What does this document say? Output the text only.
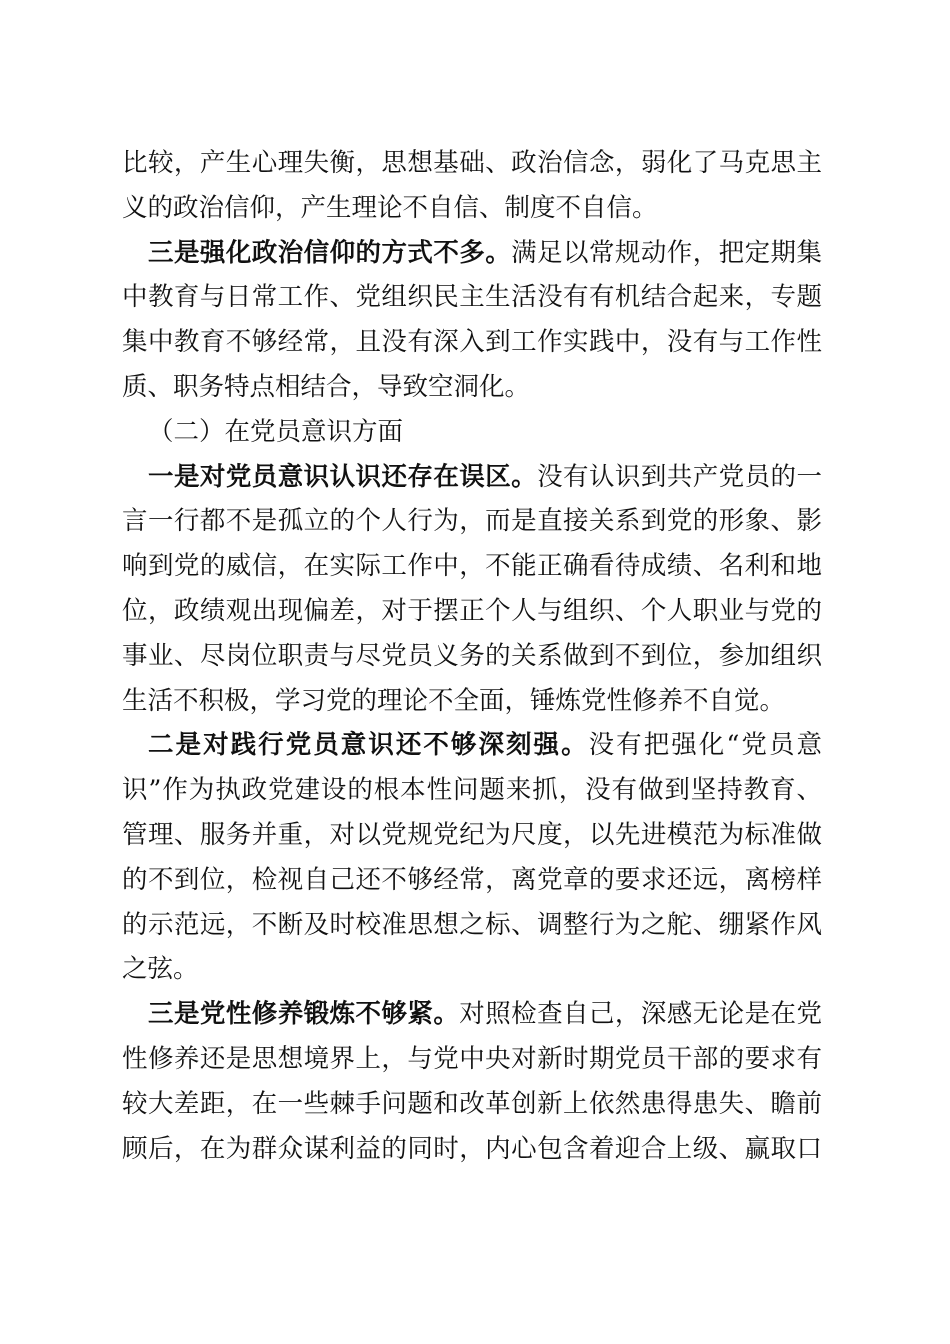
比较，产生心理失衡，思想基础、政治信念，弱化了马克思主
义的政治信仰，产生理论不自信、制度不自信。
三是强化政治信仰的方式不多。满足以常规动作，把定期集
中教育与日常工作、党组织民主生活没有有机结合起来，专题
集中教育不够经常，且没有深入到工作实践中，没有与工作性
质、职务特点相结合，导致空洞化。
（二）在党员意识方面
一是对党员意识认识还存在误区。没有认识到共产党员的一
言一行都不是孤立的个人行为，而是直接关系到党的形象、影
响到党的威信，在实际工作中，不能正确看待成绩、名利和地
位，政绩观出现偏差，对于摆正个人与组织、个人职业与党的
事业、尽岗位职责与尽党员义务的关系做到不到位，参加组织
生活不积极，学习党的理论不全面，锤炼党性修养不自觉。
二是对践行党员意识还不够深刻强。没有把强化“党员意
识”作为执政党建设的根本性问题来抓，没有做到坚持教育、
管理、服务并重，对以党规党纪为尺度，以先进模范为标准做
的不到位，检视自己还不够经常，离党章的要求还远，离榜样
的示范远，不断及时校准思想之标、调整行为之舵、绷紧作风
之弦。
三是党性修养锻炼不够紧。对照检查自己，深感无论是在党
性修养还是思想境界上，与党中央对新时期党员干部的要求有
较大差距，在一些棘手问题和改革创新上依然患得患失、瞻前
顾后，在为群众谋利益的同时，内心包含着迎合上级、赢取口
